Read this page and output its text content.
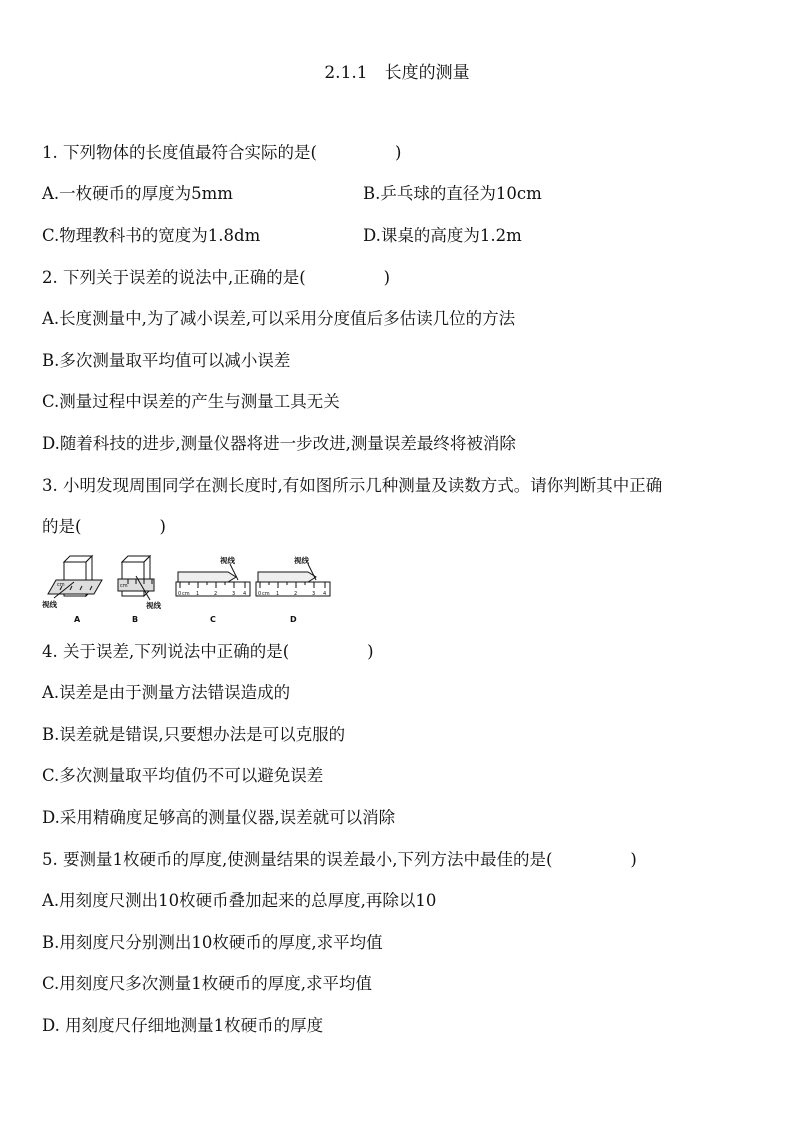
2.1.1　长度的测量
1. 下列物体的长度值最符合实际的是(	)
A.一枚硬币的厚度为5mm	B.乒乓球的直径为10cm
C.物理教科书的宽度为1.8dm	D.课桌的高度为1.2m
2. 下列关于误差的说法中,正确的是(	)
A.长度测量中,为了减小误差,可以采用分度值后多估读几位的方法
B.多次测量取平均值可以减小误差
C.测量过程中误差的产生与测量工具无关
D.随着科技的进步,测量仪器将进一步改进,测量误差最终将被消除
3. 小明发现周围同学在测长度时,有如图所示几种测量及读数方式。请你判断其中正确
的是(	)
cm
视线
A
cm
视线
B
视线
0 cm 1	2	3 4
C
视线
0 cm 1	2	3 4
D
4. 关于误差,下列说法中正确的是(	)
A.误差是由于测量方法错误造成的
B.误差就是错误,只要想办法是可以克服的
C.多次测量取平均值仍不可以避免误差
D.采用精确度足够高的测量仪器,误差就可以消除
5. 要测量1枚硬币的厚度,使测量结果的误差最小,下列方法中最佳的是(	)
A.用刻度尺测出10枚硬币叠加起来的总厚度,再除以10
B.用刻度尺分别测出10枚硬币的厚度,求平均值
C.用刻度尺多次测量1枚硬币的厚度,求平均值
D. 用刻度尺仔细地测量1枚硬币的厚度
